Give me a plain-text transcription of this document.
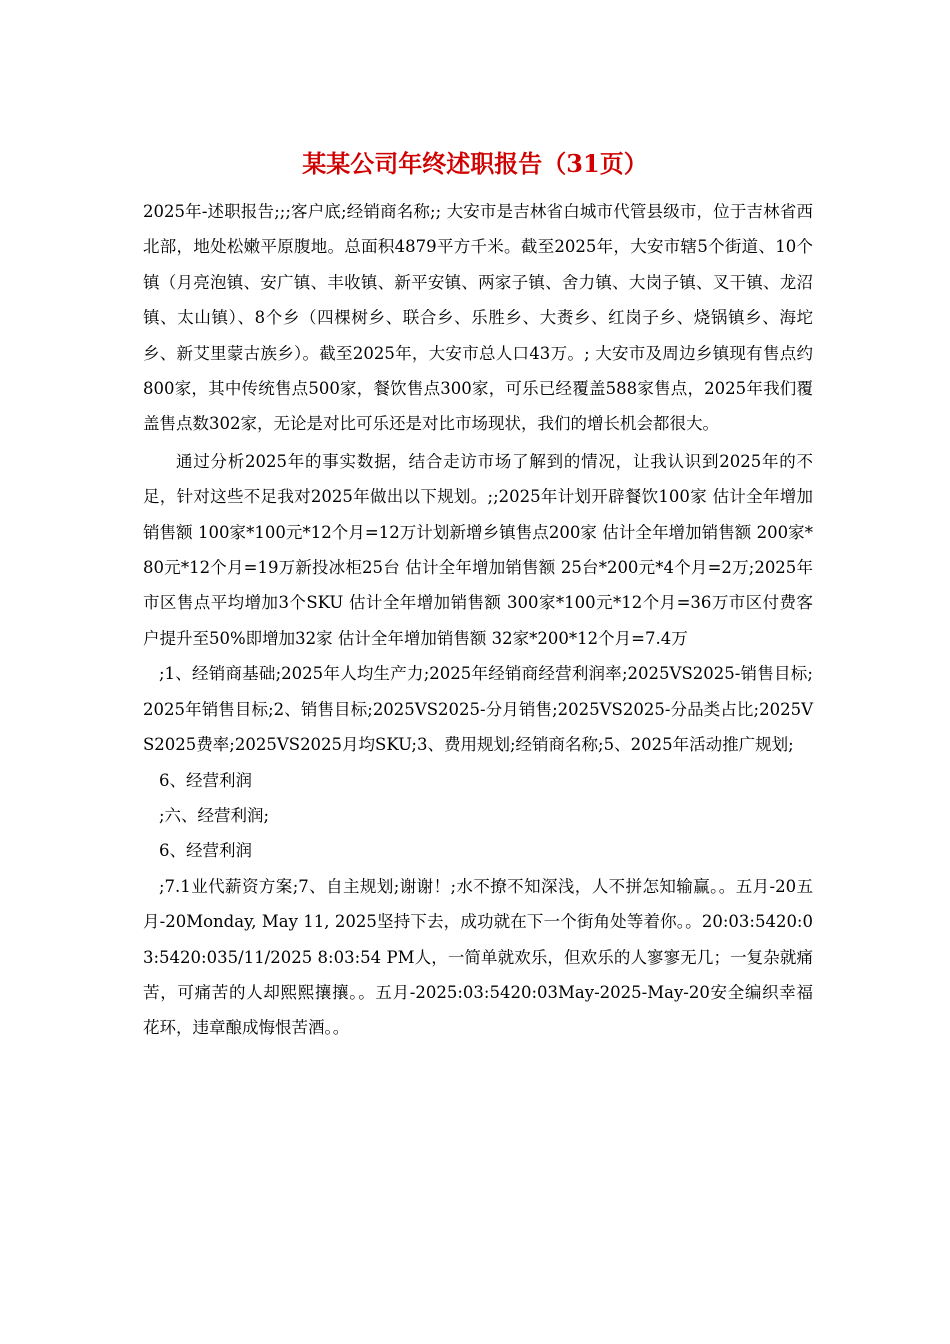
某某公司年终述职报告（31页）

2025年-述职报告;;;客户底;经销商名称;; 大安市是吉林省白城市代管县级市，位于吉林省西北部，地处松嫩平原腹地。总面积4879平方千米。截至2025年，大安市辖5个街道、10个镇（月亮泡镇、安广镇、丰收镇、新平安镇、两家子镇、舍力镇、大岗子镇、叉干镇、龙沼镇、太山镇）、8个乡（四棵树乡、联合乡、乐胜乡、大赉乡、红岗子乡、烧锅镇乡、海坨乡、新艾里蒙古族乡）。截至2025年，大安市总人口43万。; 大安市及周边乡镇现有售点约800家，其中传统售点500家，餐饮售点300家，可乐已经覆盖588家售点，2025年我们覆盖售点数302家，无论是对比可乐还是对比市场现状，我们的增长机会都很大。

通过分析2025年的事实数据，结合走访市场了解到的情况，让我认识到2025年的不足，针对这些不足我对2025年做出以下规划。;;2025年计划开辟餐饮100家 估计全年增加销售额 100家*100元*12个月=12万计划新增乡镇售点200家 估计全年增加销售额 200家*80元*12个月=19万新投冰柜25台 估计全年增加销售额 25台*200元*4个月=2万;2025年市区售点平均增加3个SKU 估计全年增加销售额 300家*100元*12个月=36万市区付费客户提升至50%即增加32家 估计全年增加销售额 32家*200*12个月=7.4万

;1、经销商基础;2025年人均生产力;2025年经销商经营利润率;2025VS2025-销售目标;2025年销售目标;2、销售目标;2025VS2025-分月销售;2025VS2025-分品类占比;2025VS2025费率;2025VS2025月均SKU;3、费用规划;经销商名称;5、2025年活动推广规划;

6、经营利润

;六、经营利润;

6、经营利润

;7.1业代薪资方案;7、自主规划;谢谢！;水不撩不知深浅，人不拼怎知输赢。。五月-20五月-20Monday, May 11, 2025坚持下去，成功就在下一个街角处等着你。。20:03:5420:03:5420:035/11/2025 8:03:54 PM人，一简单就欢乐，但欢乐的人寥寥无几；一复杂就痛苦，可痛苦的人却熙熙攘攘。。五月-2025:03:5420:03May-2025-May-20安全编织幸福花环，违章酿成悔恨苦酒。。
